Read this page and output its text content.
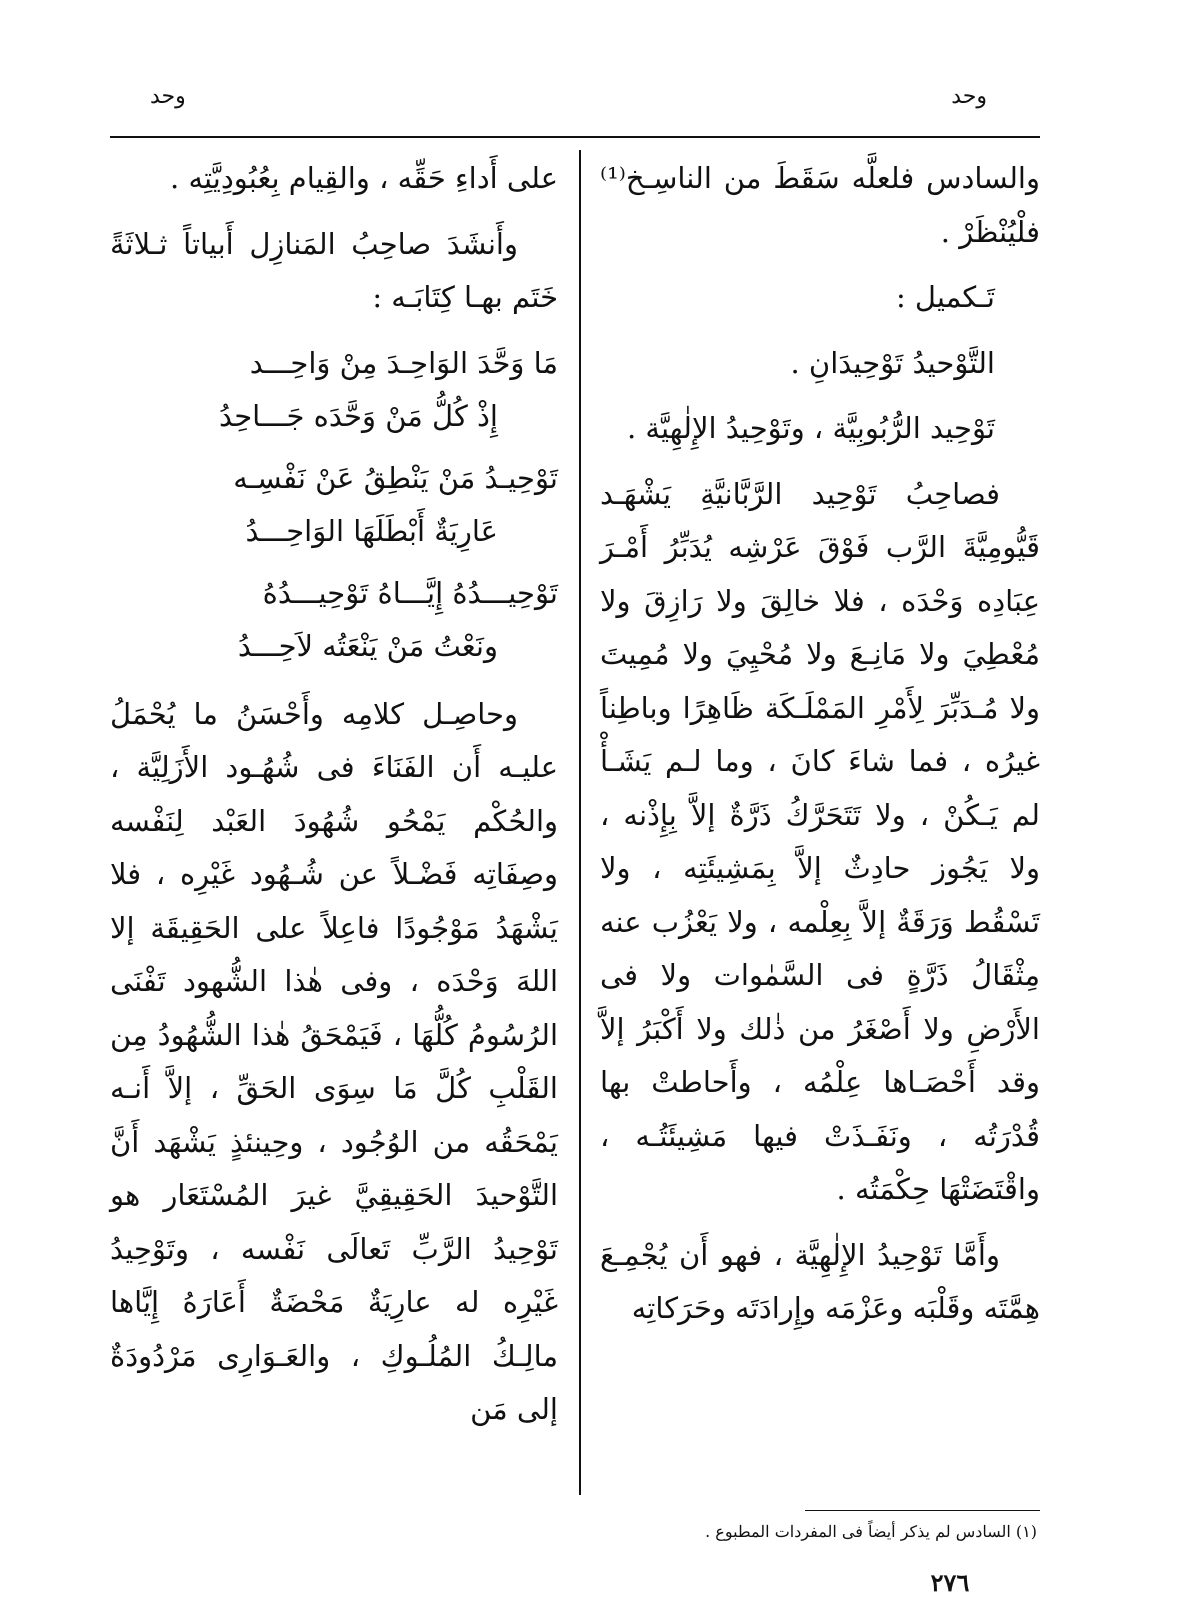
وحد
وحد

والسادس فلعلَّه سَقَطَ من الناسِـخ⁽¹⁾ فلْيُنْظَرْ .

تَـكميل :

التَّوْحيدُ تَوْحِيدَانِ .

تَوْحِيد الرُّبُوبِيَّة ، وتَوْحِيدُ الإِلٰهِيَّة .

فصاحِبُ تَوْحِيد الرَّبَّانيَّةِ يَشْهَـد قَيُّومِيَّةَ الرَّب فَوْقَ عَرْشِه يُدَبِّرُ أَمْـرَ عِبَادِه وَحْدَه ، فلا خالِقَ ولا رَازِقَ ولا مُعْطِيَ ولا مَانِـعَ ولا مُحْيِيَ ولا مُمِيتَ ولا مُـدَبِّرَ لِأَمْرِ المَمْلَـكَة ظَاهِرًا وباطِناً غيرُه ، فما شاءَ كانَ ، وما لـم يَشَـأْ لم يَـكُنْ ، ولا تَتَحَرَّكُ ذَرَّةٌ إلاَّ بِإِذْنه ، ولا يَجُوز حادِثٌ إلاَّ بِمَشِيئَتِه ، ولا تَسْقُط وَرَقَةٌ إلاَّ بِعِلْمه ، ولا يَعْزُب عنه مِثْقَالُ ذَرَّةٍ فى السَّمٰوات ولا فى الأَرْضِ ولا أَصْغَرُ من ذٰلك ولا أَكْبَرُ إلاَّ وقد أَحْصَـاها عِلْمُه ، وأَحاطتْ بها قُدْرَتُه ، ونَفَـذَتْ فيها مَشِيئَتُـه ، واقْتَضَتْهَا حِكْمَتُه .

وأَمَّا تَوْحِيدُ الإِلٰهِيَّة ، فهو أَن يُجْمِـعَ هِمَّتَه وقَلْبَه وعَزْمَه وإِرادَتَه وحَرَكاتِه

على أَداءِ حَقِّه ، والقِيام بِعُبُودِيَّتِه .

وأَنشَدَ صاحِبُ المَنازِل أَبياتاً ثـلاثَةً خَتَم بهـا كِتَابَـه :

مَا وَحَّدَ الوَاحِـدَ مِنْ وَاحِـــد
إِذْ كُلُّ مَنْ وَحَّدَه جَـــاحِدُ
تَوْحِيـدُ مَنْ يَنْطِقُ عَنْ نَفْسِـه
عَارِيَةٌ أَبْطَلَهَا الوَاحِـــدُ
تَوْحِيـــدُهُ إِيَّـــاهُ تَوْحِيـــدُهُ
ونَعْتُ مَنْ يَنْعَتُه لاَحِـــدُ

وحاصِـل كلامِه وأَحْسَنُ ما يُحْمَلُ عليـه أَن الفَنَاءَ فى شُهُـود الأَزَلِيَّة ، والحُكْم يَمْحُو شُهُودَ العَبْد لِنَفْسه وصِفَاتِه فَضْـلاً عن شُـهُود غَيْرِه ، فلا يَشْهَدُ مَوْجُودًا فاعِلاً على الحَقِيقَة إلا اللهَ وَحْدَه ، وفى هٰذا الشُّهود تَفْنَى الرُسُومُ كُلُّهَا ، فَيَمْحَقُ هٰذا الشُّهُودُ مِن القَلْبِ كُلَّ مَا سِوَى الحَقِّ ، إلاَّ أَنـه يَمْحَقُه من الوُجُود ، وحِينئذٍ يَشْهَد أَنَّ التَّوْحيدَ الحَقِيقِيَّ غيرَ المُسْتَعَار هو تَوْحِيدُ الرَّبِّ تَعالَى نَفْسه ، وتَوْحِيدُ غَيْرِه له عارِيَةٌ مَحْضَةٌ أَعَارَهُ إِيَّاها مالِـكُ المُلُـوكِ ، والعَـوَارِى مَرْدُودَةٌ إلى مَن

(١) السادس لم يذكر أيضاً فى المفردات المطبوع .
٢٧٦
